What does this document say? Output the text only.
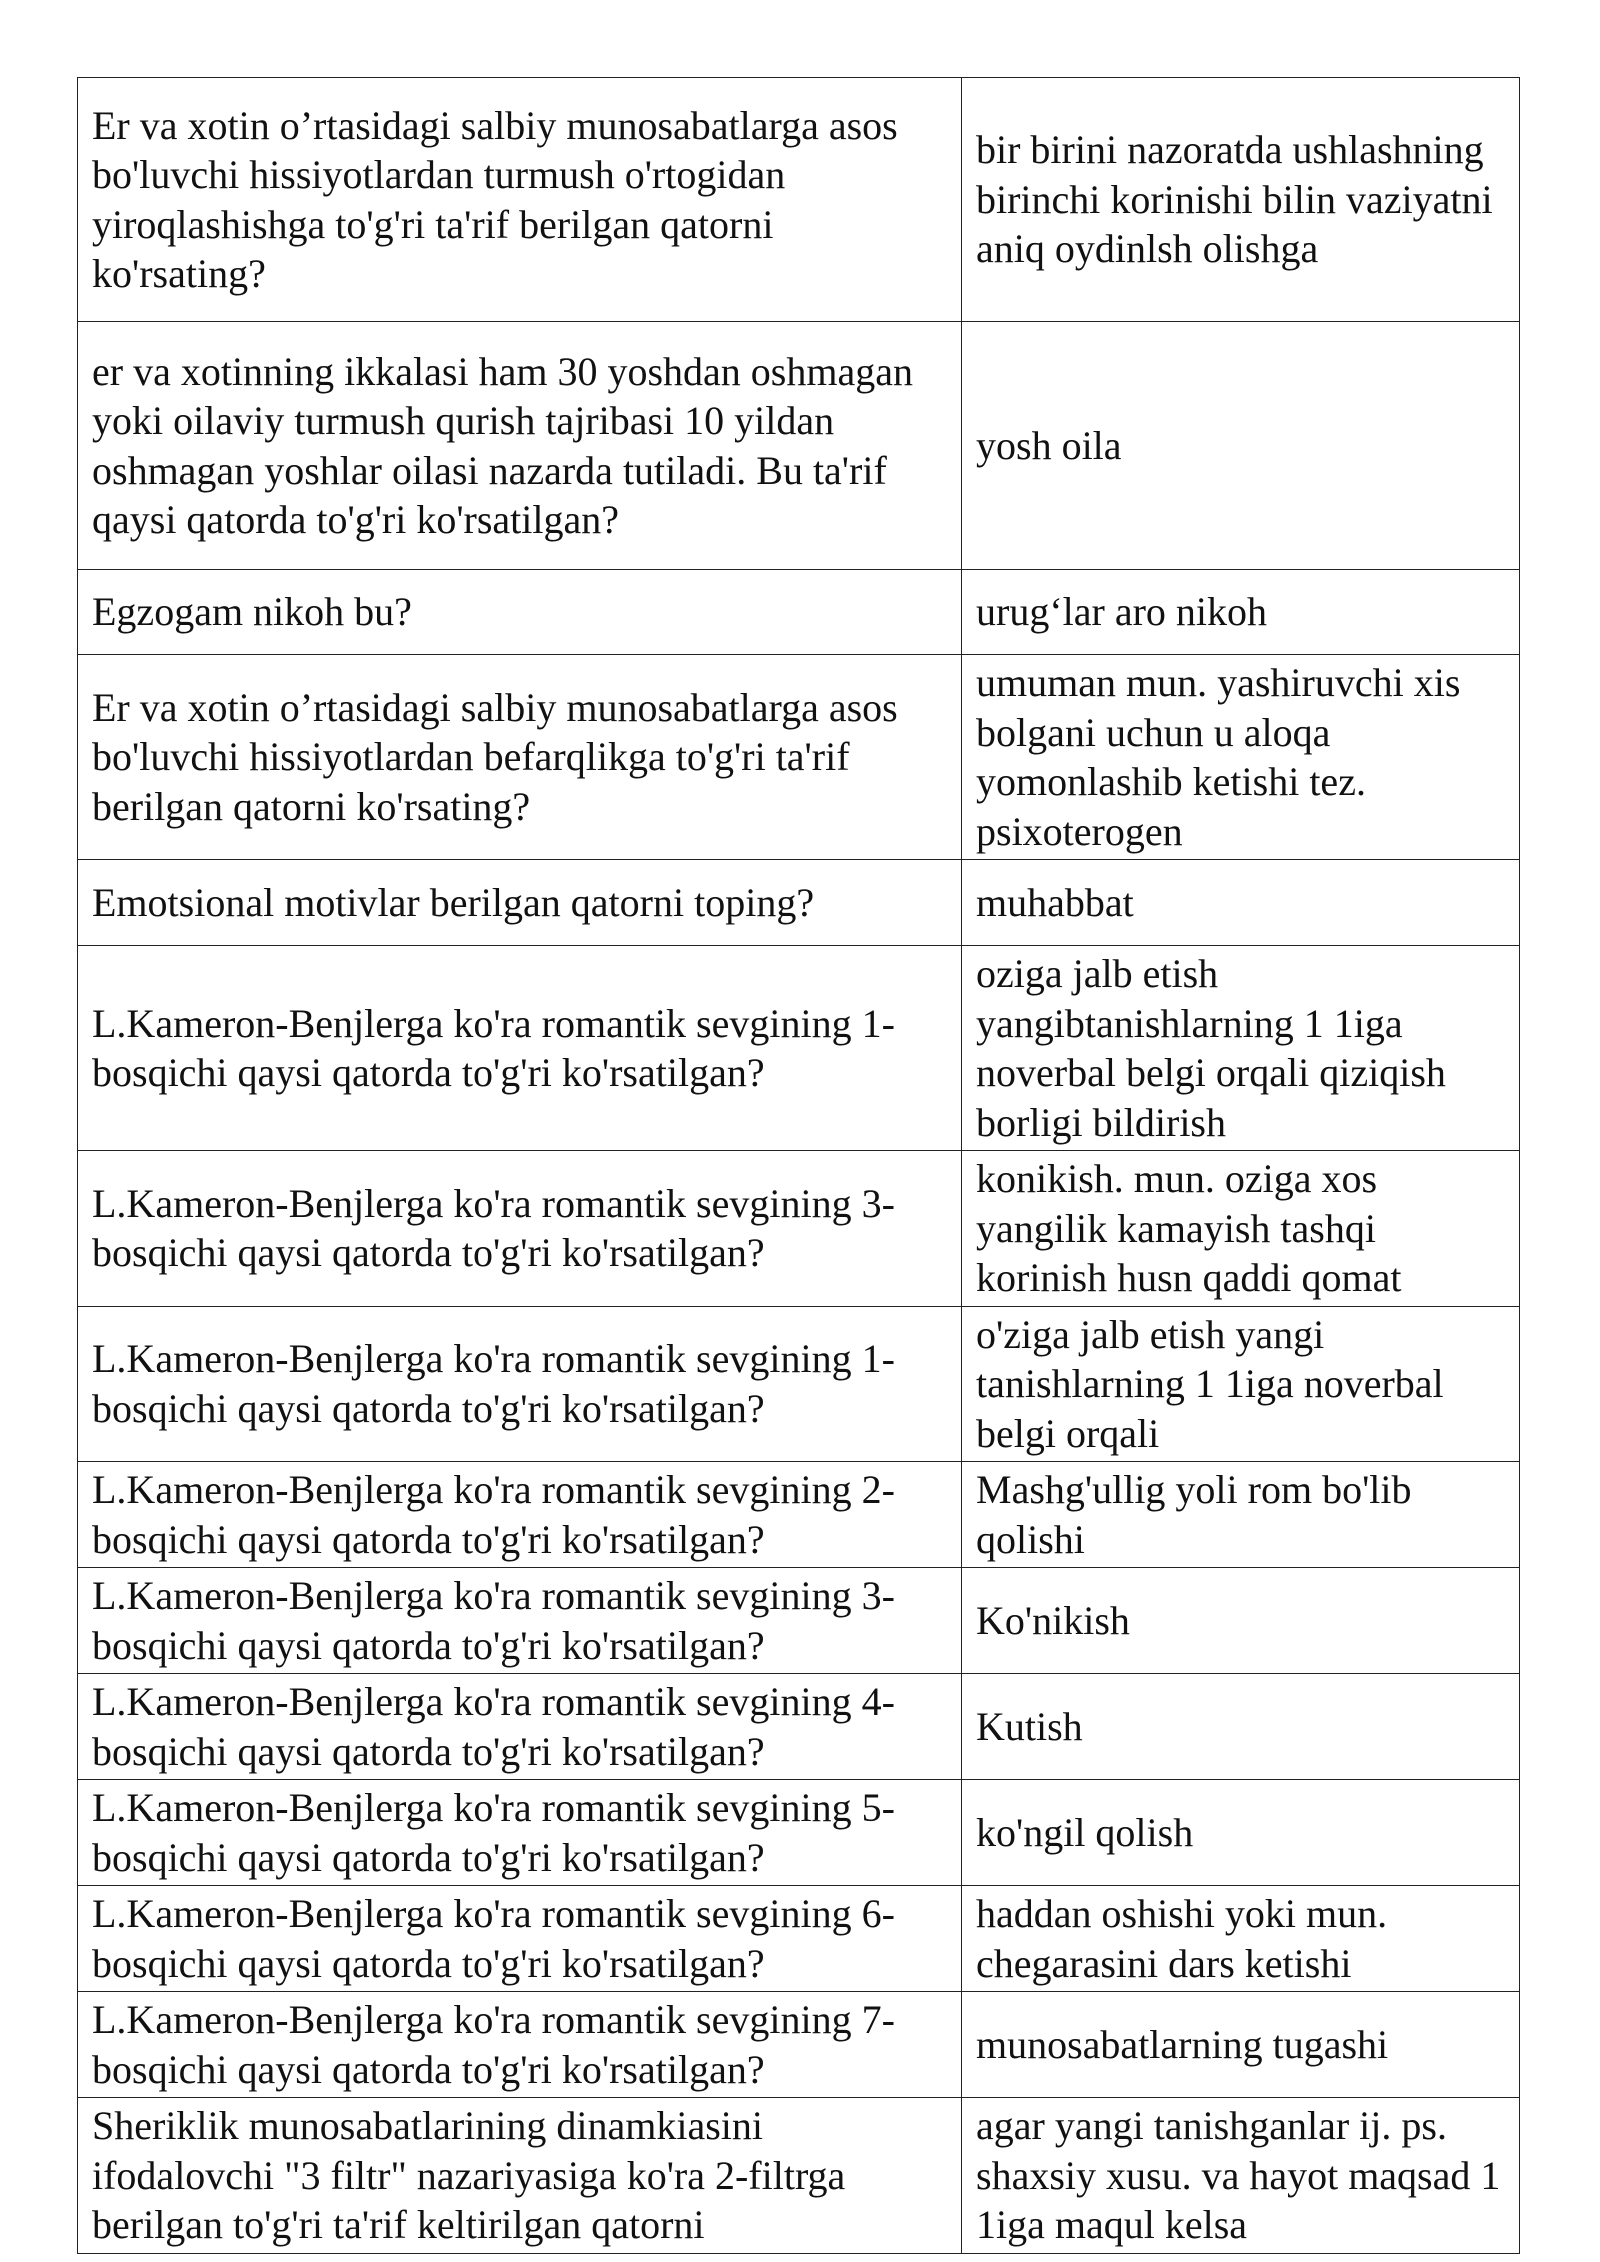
Er va xotin o’rtasidagi salbiy munosabatlarga asos bo'luvchi hissiyotlardan turmush o'rtogidan yiroqlashishga to'g'ri ta'rif berilgan qatorni ko'rsating?	bir birini nazoratda ushlashning birinchi korinishi bilin vaziyatni aniq oydinlsh olishga
er va xotinning ikkalasi ham 30 yoshdan oshmagan yoki oilaviy turmush qurish tajribasi 10 yildan oshmagan yoshlar oilasi nazarda tutiladi. Bu ta'rif qaysi qatorda to'g'ri ko'rsatilgan?	yosh oila
Egzogam nikoh bu?	urug‘lar aro nikoh
Er va xotin o’rtasidagi salbiy munosabatlarga asos bo'luvchi hissiyotlardan befarqlikga to'g'ri ta'rif berilgan qatorni ko'rsating?	umuman mun. yashiruvchi xis bolgani uchun u aloqa yomonlashib ketishi tez. psixoterogen
Emotsional motivlar berilgan qatorni toping?	muhabbat
L.Kameron-Benjlerga ko'ra romantik sevgining 1-bosqichi qaysi qatorda to'g'ri ko'rsatilgan?	oziga jalb etish yangibtanishlarning 1 1iga noverbal belgi orqali qiziqish borligi bildirish
L.Kameron-Benjlerga ko'ra romantik sevgining 3-bosqichi qaysi qatorda to'g'ri ko'rsatilgan?	konikish. mun. oziga xos yangilik kamayish tashqi korinish husn qaddi qomat
L.Kameron-Benjlerga ko'ra romantik sevgining 1-bosqichi qaysi qatorda to'g'ri ko'rsatilgan?	o'ziga jalb etish yangi tanishlarning 1 1iga noverbal belgi orqali
L.Kameron-Benjlerga ko'ra romantik sevgining 2-bosqichi qaysi qatorda to'g'ri ko'rsatilgan?	Mashg'ullig yoli rom bo'lib qolishi
L.Kameron-Benjlerga ko'ra romantik sevgining 3-bosqichi qaysi qatorda to'g'ri ko'rsatilgan?	Ko'nikish
L.Kameron-Benjlerga ko'ra romantik sevgining 4-bosqichi qaysi qatorda to'g'ri ko'rsatilgan?	Kutish
L.Kameron-Benjlerga ko'ra romantik sevgining 5-bosqichi qaysi qatorda to'g'ri ko'rsatilgan?	ko'ngil qolish
L.Kameron-Benjlerga ko'ra romantik sevgining 6-bosqichi qaysi qatorda to'g'ri ko'rsatilgan?	haddan oshishi yoki mun. chegarasini dars ketishi
L.Kameron-Benjlerga ko'ra romantik sevgining 7-bosqichi qaysi qatorda to'g'ri ko'rsatilgan?	munosabatlarning tugashi
Sheriklik munosabatlarining dinamkiasini ifodalovchi "3 filtr" nazariyasiga ko'ra 2-filtrga berilgan to'g'ri ta'rif keltirilgan qatorni	agar yangi tanishganlar ij. ps. shaxsiy xusu. va hayot maqsad 1 1iga maqul kelsa
